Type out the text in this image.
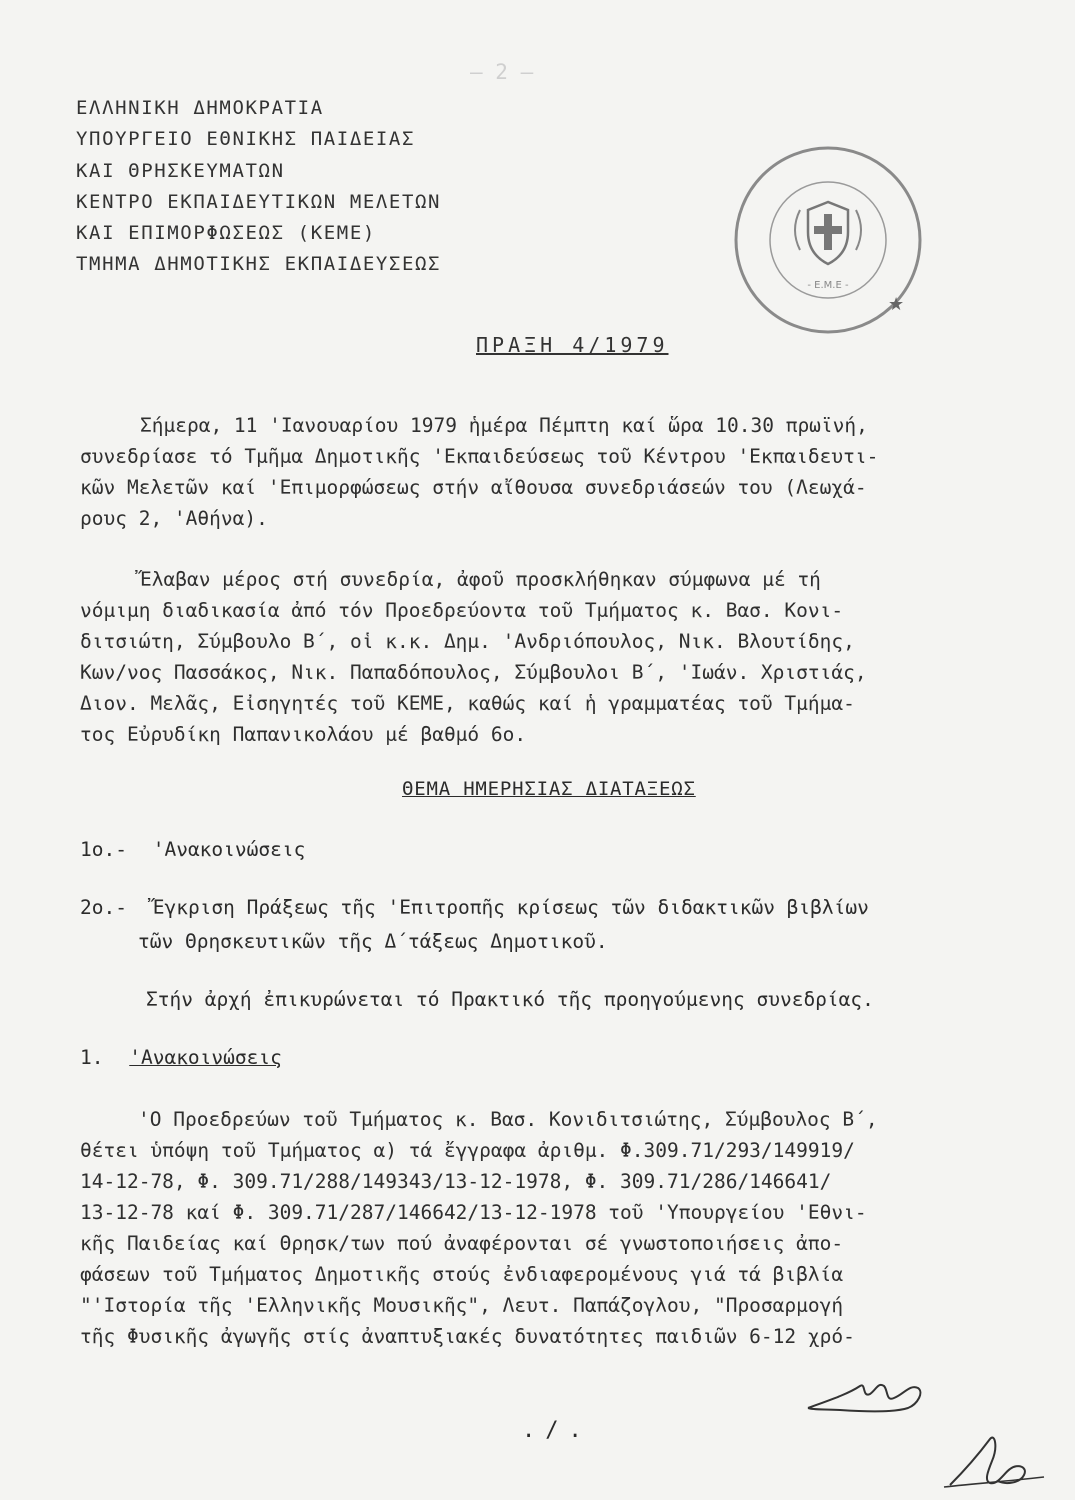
— 2 —
ΕΛΛΗΝΙΚΗ ΔΗΜΟΚΡΑΤΙΑ
ΥΠΟΥΡΓΕΙΟ ΕΘΝΙΚΗΣ ΠΑΙΔΕΙΑΣ
ΚΑΙ ΘΡΗΣΚΕΥΜΑΤΩΝ
ΚΕΝΤΡΟ ΕΚΠΑΙΔΕΥΤΙΚΩΝ ΜΕΛΕΤΩΝ
ΚΑΙ ΕΠΙΜΟΡΦΩΣΕΩΣ (ΚΕΜΕ)
ΤΜΗΜΑ ΔΗΜΟΤΙΚΗΣ ΕΚΠΑΙΔΕΥΣΕΩΣ
- E.M.E -
★
ΠΡΑΞΗ 4/1979
Σήμερα, 11 'Ιανουαρίου 1979 ἡμέρα Πέμπτη καί ὥρα 10.30 πρωϊνή,
συνεδρίασε τό Τμῆμα Δημοτικῆς 'Εκπαιδεύσεως τοῦ Κέντρου 'Εκπαιδευτι-
κῶν Μελετῶν καί 'Επιμορφώσεως στήν αἴθουσα συνεδριάσεών του (Λεωχά-
ρους 2, 'Αθήνα).
Ἔλαβαν μέρος στή συνεδρία, ἀφοῦ προσκλήθηκαν σύμφωνα μέ τή
νόμιμη διαδικασία ἀπό τόν Προεδρεύοντα τοῦ Τμήματος κ. Βασ. Κονι-
διτσιώτη, Σύμβουλο Β΄, οἱ κ.κ. Δημ. 'Ανδριόπουλος, Νικ. Βλουτίδης,
Κων/νος Πασσάκος, Νικ. Παπαδόπουλος, Σύμβουλοι Β΄, 'Ιωάν. Χριστιάς,
Διον. Μελᾶς, Εἰσηγητές τοῦ ΚΕΜΕ, καθώς καί ἡ γραμματέας τοῦ Τμήμα-
τος Εὐρυδίκη Παπανικολάου μέ βαθμό 6ο.
ΘΕΜΑ ΗΜΕΡΗΣΙΑΣ ΔΙΑΤΑΞΕΩΣ
1ο.- 'Ανακοινώσεις
2ο.- Ἔγκριση Πράξεως τῆς 'Επιτροπῆς κρίσεως τῶν διδακτικῶν βιβλίων
τῶν Θρησκευτικῶν τῆς Δ΄τάξεως Δημοτικοῦ.
Στήν ἀρχή ἐπικυρώνεται τό Πρακτικό τῆς προηγούμενης συνεδρίας.
1. 'Ανακοινώσεις
'Ο Προεδρεύων τοῦ Τμήματος κ. Βασ. Κονιδιτσιώτης, Σύμβουλος Β΄,
θέτει ὑπόψη τοῦ Τμήματος α) τά ἔγγραφα ἀριθμ. Φ.309.71/293/149919/
14-12-78, Φ. 309.71/288/149343/13-12-1978, Φ. 309.71/286/146641/
13-12-78 καί Φ. 309.71/287/146642/13-12-1978 τοῦ 'Υπουργείου 'Εθνι-
κῆς Παιδείας καί Θρησκ/των πού ἀναφέρονται σέ γνωστοποιήσεις ἀπο-
φάσεων τοῦ Τμήματος Δημοτικῆς στούς ἐνδιαφερομένους γιά τά βιβλία
"'Ιστορία τῆς 'Ελληνικῆς Μουσικῆς", Λευτ. Παπάζογλου, "Προσαρμογή
τῆς Φυσικῆς ἀγωγῆς στίς ἀναπτυξιακές δυνατότητες παιδιῶν 6-12 χρό-
./.
